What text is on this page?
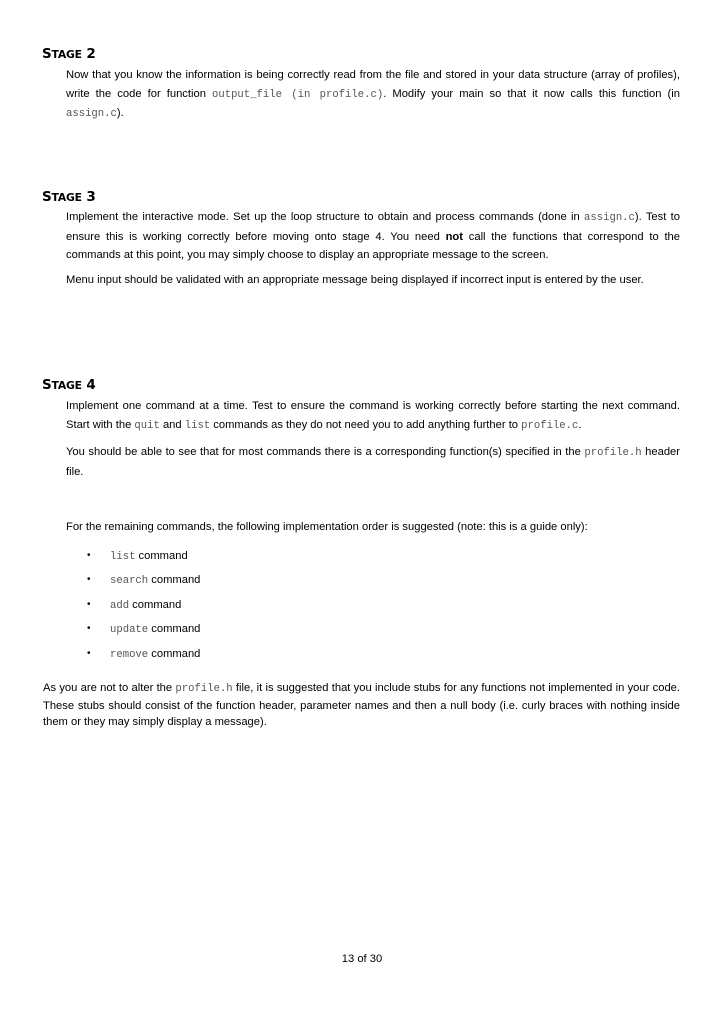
STAGE 2

Now that you know the information is being correctly read from the file and stored in your data structure (array of profiles), write the code for function output_file (in profile.c). Modify your main so that it now calls this function (in assign.c).

STAGE 3

Implement the interactive mode. Set up the loop structure to obtain and process commands (done in assign.c). Test to ensure this is working correctly before moving onto stage 4. You need not call the functions that correspond to the commands at this point, you may simply choose to display an appropriate message to the screen.

Menu input should be validated with an appropriate message being displayed if incorrect input is entered by the user.

STAGE 4

Implement one command at a time. Test to ensure the command is working correctly before starting the next command. Start with the quit and list commands as they do not need you to add anything further to profile.c.

You should be able to see that for most commands there is a corresponding function(s) specified in the profile.h header file.

For the remaining commands, the following implementation order is suggested (note: this is a guide only):

• list command
• search command
• add command
• update command
• remove command

As you are not to alter the profile.h file, it is suggested that you include stubs for any functions not implemented in your code. These stubs should consist of the function header, parameter names and then a null body (i.e. curly braces with nothing inside them or they may simply display a message).

13 of 30
